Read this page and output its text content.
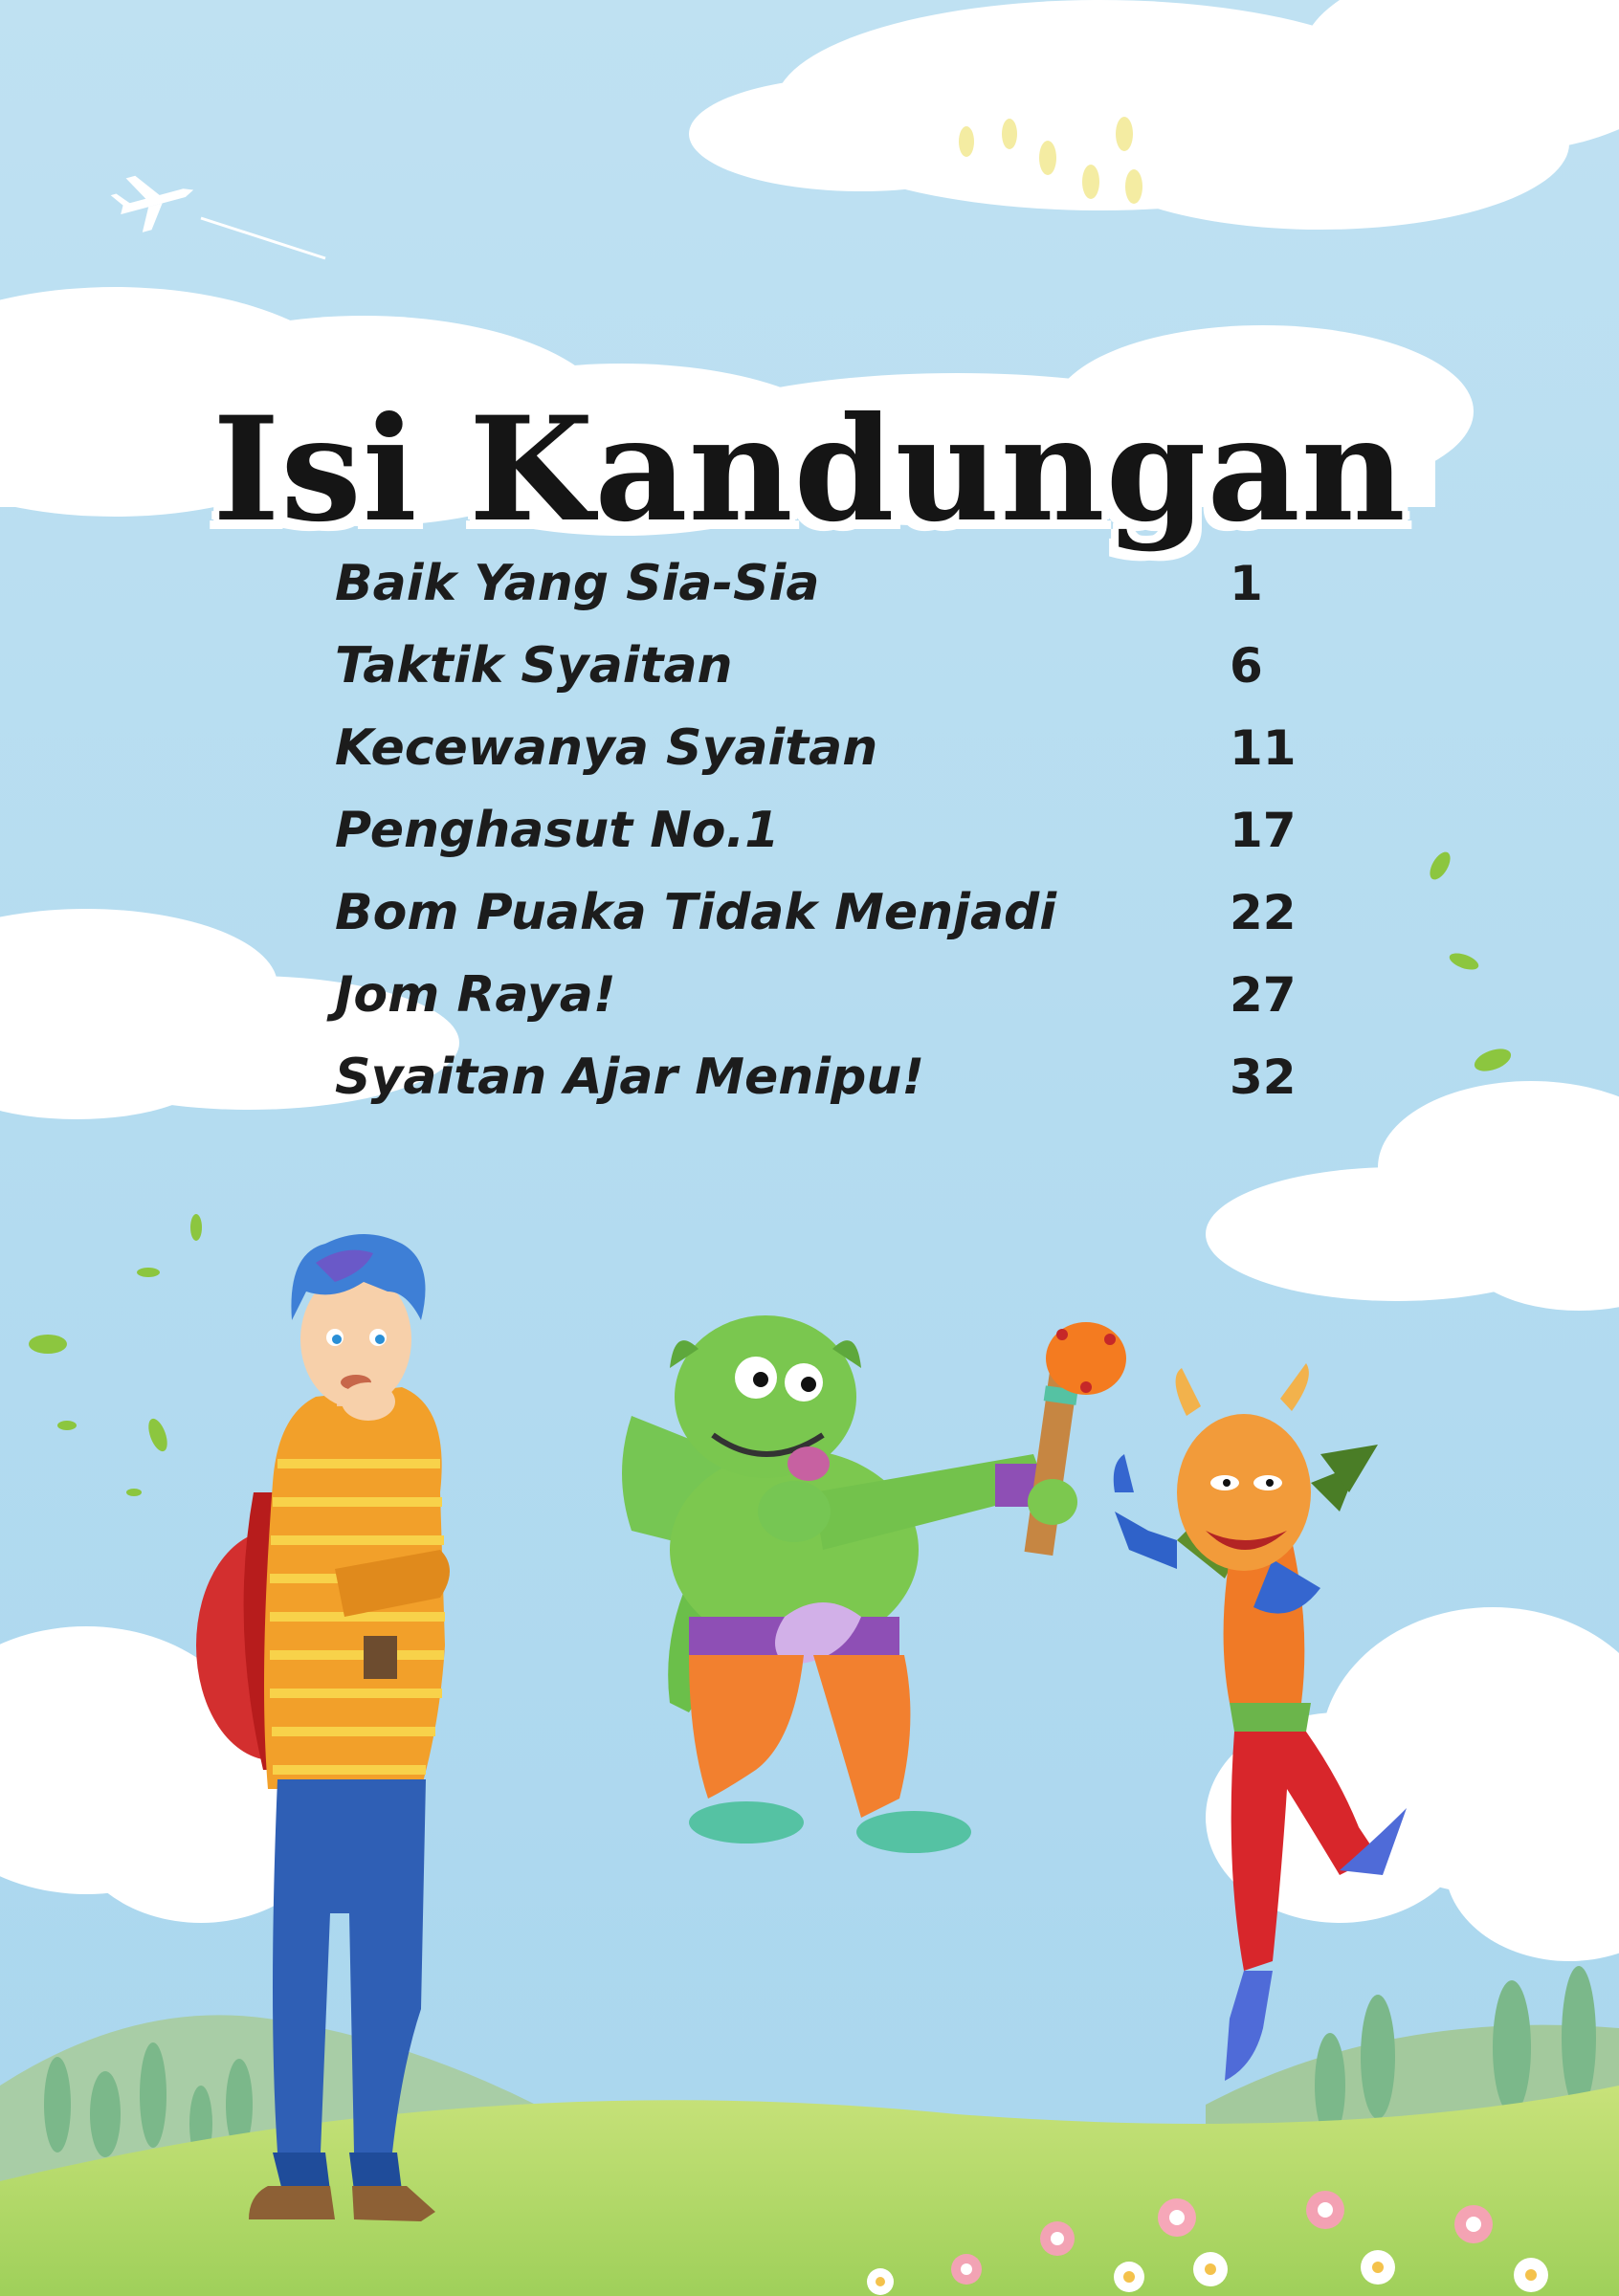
Isi Kandungan
Baik Yang Sia-Sia	1
Taktik Syaitan	6
Kecewanya Syaitan	11
Penghasut No.1	17
Bom Puaka Tidak Menjadi	22
Jom Raya!	27
Syaitan Ajar Menipu!	32
